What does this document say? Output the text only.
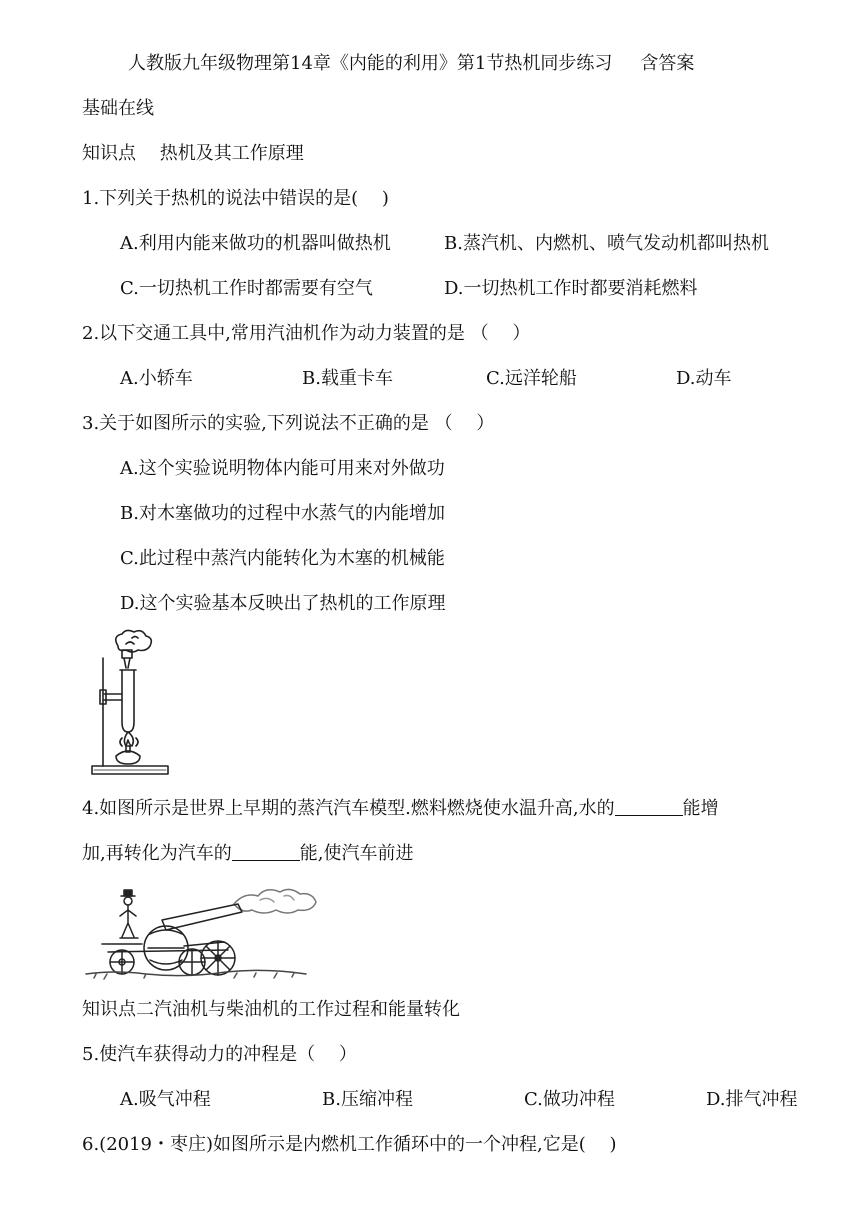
人教版九年级物理第14章《内能的利用》第1节热机同步练习 含答案
基础在线
知识点　 热机及其工作原理
1.下列关于热机的说法中错误的是(　 )
A.利用内能来做功的机器叫做热机	B.蒸汽机、内燃机、喷气发动机都叫热机
C.一切热机工作时都需要有空气	D.一切热机工作时都要消耗燃料
2.以下交通工具中,常用汽油机作为动力装置的是 （　 ）
A.小轿车	B.载重卡车	C.远洋轮船	D.动车
3.关于如图所示的实验,下列说法不正确的是 （　 ）
A.这个实验说明物体内能可用来对外做功
B.对木塞做功的过程中水蒸气的内能增加
C.此过程中蒸汽内能转化为木塞的机械能
D.这个实验基本反映出了热机的工作原理
4.如图所示是世界上早期的蒸汽汽车模型.燃料燃烧使水温升高,水的	能增
加,再转化为汽车的	能,使汽车前进
知识点二汽油机与柴油机的工作过程和能量转化
5.使汽车获得动力的冲程是（　 ）
A.吸气冲程	B.压缩冲程	C.做功冲程	D.排气冲程
6.(2019・枣庄)如图所示是内燃机工作循环中的一个冲程,它是(　 )
